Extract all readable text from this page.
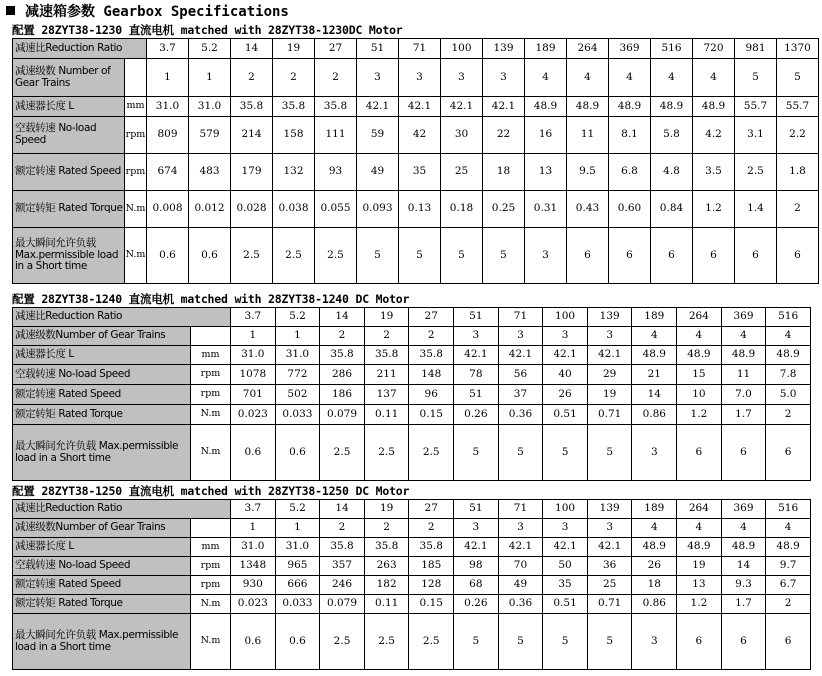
减速箱参数 Gearbox Specifications
配置 28ZYT38-1230 直流电机 matched with 28ZYT38-1230DC Motor
减速比Reduction Ratio		3.7	5.2	14	19	27	51	71	100	139	189	264	369	516	720	981	1370
减速级数 Number of Gear Trains		1	1	2	2	2	3	3	3	3	4	4	4	4	4	5	5
减速器长度 L	mm	31.0	31.0	35.8	35.8	35.8	42.1	42.1	42.1	42.1	48.9	48.9	48.9	48.9	48.9	55.7	55.7
空载转速 No-load Speed	rpm	809	579	214	158	111	59	42	30	22	16	11	8.1	5.8	4.2	3.1	2.2
额定转速 Rated Speed	rpm	674	483	179	132	93	49	35	25	18	13	9.5	6.8	4.8	3.5	2.5	1.8
额定转矩 Rated Torque	N.m	0.008	0.012	0.028	0.038	0.055	0.093	0.13	0.18	0.25	0.31	0.43	0.60	0.84	1.2	1.4	2
最大瞬间允许负载 Max.permissible load in a Short time	N.m	0.6	0.6	2.5	2.5	2.5	5	5	5	5	3	6	6	6	6	6	6
配置 28ZYT38-1240 直流电机 matched with 28ZYT38-1240 DC Motor
减速比Reduction Ratio		3.7	5.2	14	19	27	51	71	100	139	189	264	369	516
减速级数Number of Gear Trains		1	1	2	2	2	3	3	3	3	4	4	4	4
减速器长度 L	mm	31.0	31.0	35.8	35.8	35.8	42.1	42.1	42.1	42.1	48.9	48.9	48.9	48.9
空载转速 No-load Speed	rpm	1078	772	286	211	148	78	56	40	29	21	15	11	7.8
额定转速 Rated Speed	rpm	701	502	186	137	96	51	37	26	19	14	10	7.0	5.0
额定转矩 Rated Torque	N.m	0.023	0.033	0.079	0.11	0.15	0.26	0.36	0.51	0.71	0.86	1.2	1.7	2
最大瞬间允许负载 Max.permissible load in a Short time	N.m	0.6	0.6	2.5	2.5	2.5	5	5	5	5	3	6	6	6
配置 28ZYT38-1250 直流电机 matched with 28ZYT38-1250 DC Motor
减速比Reduction Ratio		3.7	5.2	14	19	27	51	71	100	139	189	264	369	516
减速级数Number of Gear Trains		1	1	2	2	2	3	3	3	3	4	4	4	4
减速器长度 L	mm	31.0	31.0	35.8	35.8	35.8	42.1	42.1	42.1	42.1	48.9	48.9	48.9	48.9
空载转速 No-load Speed	rpm	1348	965	357	263	185	98	70	50	36	26	19	14	9.7
额定转速 Rated Speed	rpm	930	666	246	182	128	68	49	35	25	18	13	9.3	6.7
额定转矩 Rated Torque	N.m	0.023	0.033	0.079	0.11	0.15	0.26	0.36	0.51	0.71	0.86	1.2	1.7	2
最大瞬间允许负载 Max.permissible load in a Short time	N.m	0.6	0.6	2.5	2.5	2.5	5	5	5	5	3	6	6	6
